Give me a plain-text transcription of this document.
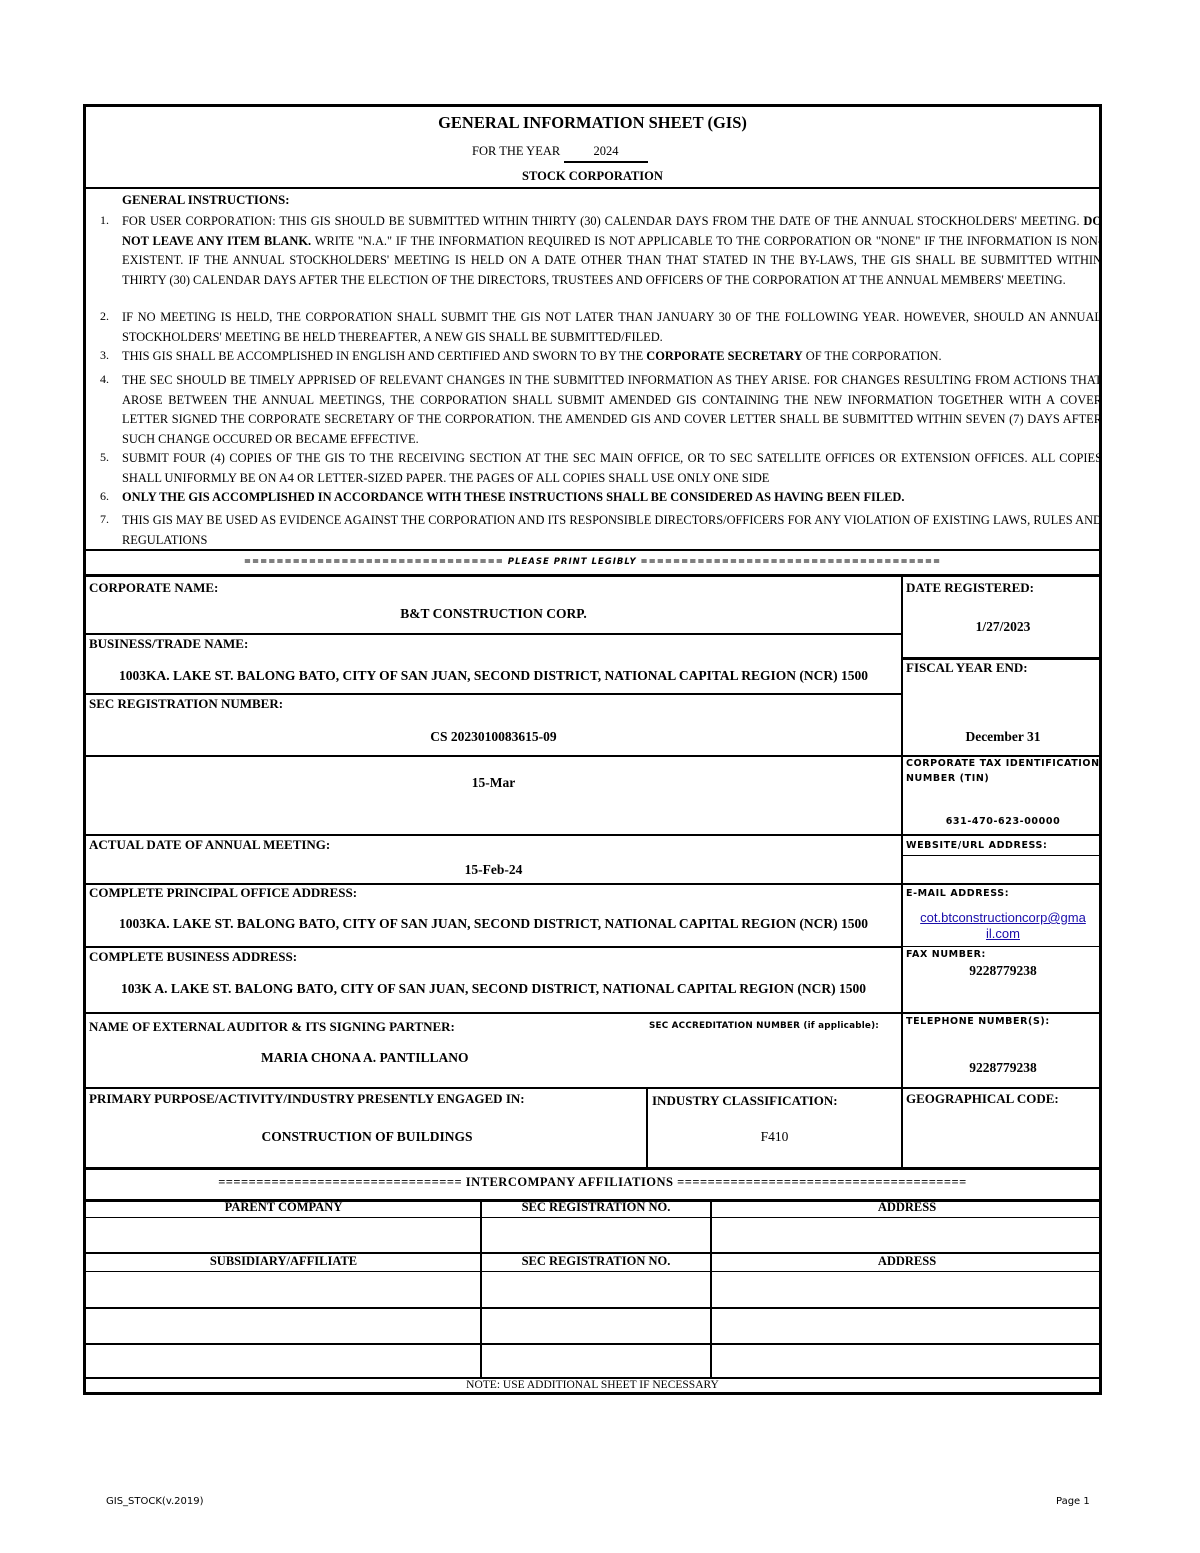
GENERAL INFORMATION SHEET (GIS)
FOR THE YEAR	2024
STOCK CORPORATION
GENERAL INSTRUCTIONS:
1. FOR USER CORPORATION: THIS GIS SHOULD BE SUBMITTED WITHIN THIRTY (30) CALENDAR DAYS FROM THE DATE OF THE ANNUAL STOCKHOLDERS' MEETING. DO NOT LEAVE ANY ITEM BLANK. WRITE "N.A." IF THE INFORMATION REQUIRED IS NOT APPLICABLE TO THE CORPORATION OR "NONE" IF THE INFORMATION IS NON-EXISTENT. IF THE ANNUAL STOCKHOLDERS' MEETING IS HELD ON A DATE OTHER THAN THAT STATED IN THE BY-LAWS, THE GIS SHALL BE SUBMITTED WITHIN THIRTY (30) CALENDAR DAYS AFTER THE ELECTION OF THE DIRECTORS, TRUSTEES AND OFFICERS OF THE CORPORATION AT THE ANNUAL MEMBERS' MEETING.
2. IF NO MEETING IS HELD, THE CORPORATION SHALL SUBMIT THE GIS NOT LATER THAN JANUARY 30 OF THE FOLLOWING YEAR. HOWEVER, SHOULD AN ANNUAL STOCKHOLDERS' MEETING BE HELD THEREAFTER, A NEW GIS SHALL BE SUBMITTED/FILED.
3. THIS GIS SHALL BE ACCOMPLISHED IN ENGLISH AND CERTIFIED AND SWORN TO BY THE CORPORATE SECRETARY OF THE CORPORATION.
4. THE SEC SHOULD BE TIMELY APPRISED OF RELEVANT CHANGES IN THE SUBMITTED INFORMATION AS THEY ARISE. FOR CHANGES RESULTING FROM ACTIONS THAT AROSE BETWEEN THE ANNUAL MEETINGS, THE CORPORATION SHALL SUBMIT AMENDED GIS CONTAINING THE NEW INFORMATION TOGETHER WITH A COVER LETTER SIGNED THE CORPORATE SECRETARY OF THE CORPORATION. THE AMENDED GIS AND COVER LETTER SHALL BE SUBMITTED WITHIN SEVEN (7) DAYS AFTER SUCH CHANGE OCCURED OR BECAME EFFECTIVE.
5. SUBMIT FOUR (4) COPIES OF THE GIS TO THE RECEIVING SECTION AT THE SEC MAIN OFFICE, OR TO SEC SATELLITE OFFICES OR EXTENSION OFFICES. ALL COPIES SHALL UNIFORMLY BE ON A4 OR LETTER-SIZED PAPER. THE PAGES OF ALL COPIES SHALL USE ONLY ONE SIDE
6. ONLY THE GIS ACCOMPLISHED IN ACCORDANCE WITH THESE INSTRUCTIONS SHALL BE CONSIDERED AS HAVING BEEN FILED.
7. THIS GIS MAY BE USED AS EVIDENCE AGAINST THE CORPORATION AND ITS RESPONSIBLE DIRECTORS/OFFICERS FOR ANY VIOLATION OF EXISTING LAWS, RULES AND REGULATIONS
================================ PLEASE PRINT LEGIBLY =====================================
CORPORATE NAME:
B&T CONSTRUCTION CORP.
BUSINESS/TRADE NAME:
1003KA. LAKE ST. BALONG BATO, CITY OF SAN JUAN, SECOND DISTRICT, NATIONAL CAPITAL REGION (NCR) 1500
SEC REGISTRATION NUMBER:
CS 2023010083615-09
15-Mar
ACTUAL DATE OF ANNUAL MEETING:
15-Feb-24
COMPLETE PRINCIPAL OFFICE ADDRESS:
1003KA. LAKE ST. BALONG BATO, CITY OF SAN JUAN, SECOND DISTRICT, NATIONAL CAPITAL REGION (NCR) 1500
COMPLETE BUSINESS ADDRESS:
103K A. LAKE ST. BALONG BATO, CITY OF SAN JUAN, SECOND DISTRICT, NATIONAL CAPITAL REGION (NCR) 1500
NAME OF EXTERNAL AUDITOR & ITS SIGNING PARTNER:	SEC ACCREDITATION NUMBER (if applicable):
MARIA CHONA A. PANTILLANO
PRIMARY PURPOSE/ACTIVITY/INDUSTRY PRESENTLY ENGAGED IN:
CONSTRUCTION OF BUILDINGS
INDUSTRY CLASSIFICATION:
F410
DATE REGISTERED:
1/27/2023
FISCAL YEAR END:
December 31
CORPORATE TAX IDENTIFICATION
NUMBER (TIN)
631-470-623-00000
WEBSITE/URL ADDRESS:
E-MAIL ADDRESS:
cot.btconstructioncorp@gma
il.com
FAX NUMBER:
9228779238
TELEPHONE NUMBER(S):
9228779238
GEOGRAPHICAL CODE:
================================ INTERCOMPANY AFFILIATIONS ======================================
PARENT COMPANY	SEC REGISTRATION NO.	ADDRESS
SUBSIDIARY/AFFILIATE	SEC REGISTRATION NO.	ADDRESS
NOTE: USE ADDITIONAL SHEET IF NECESSARY
GIS_STOCK(v.2019)	Page 1
